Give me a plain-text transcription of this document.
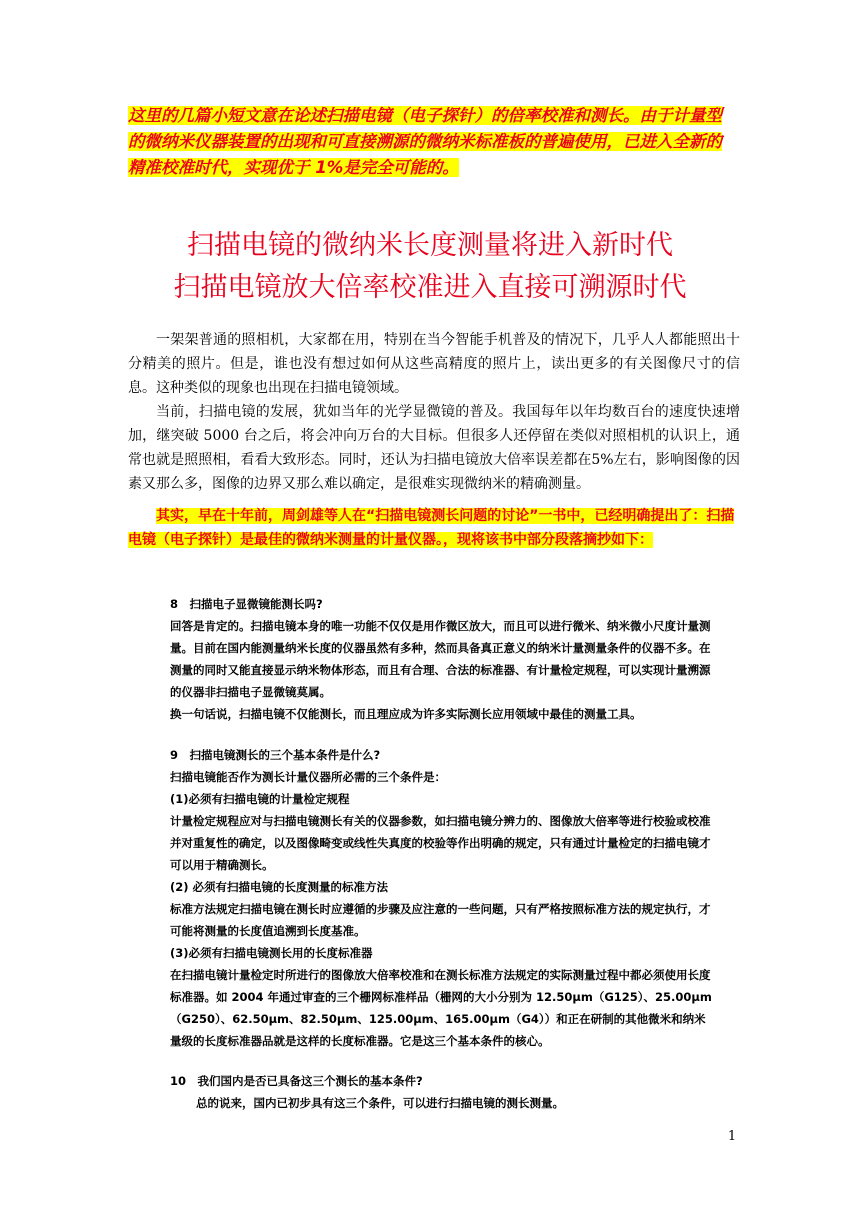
这里的几篇小短文意在论述扫描电镜（电子探针）的倍率校准和测长。由于计量型的微纳米仪器装置的出现和可直接溯源的微纳米标准板的普遍使用，已进入全新的精准校准时代，实现优于 1%是完全可能的。

扫描电镜的微纳米长度测量将进入新时代
扫描电镜放大倍率校准进入直接可溯源时代

一架架普通的照相机，大家都在用，特别在当今智能手机普及的情况下，几乎人人都能照出十分精美的照片。但是，谁也没有想过如何从这些高精度的照片上，读出更多的有关图像尺寸的信息。这种类似的现象也出现在扫描电镜领域。

当前，扫描电镜的发展，犹如当年的光学显微镜的普及。我国每年以年均数百台的速度快速增加，继突破 5000 台之后，将会冲向万台的大目标。但很多人还停留在类似对照相机的认识上，通常也就是照照相，看看大致形态。同时，还认为扫描电镜放大倍率误差都在5%左右，影响图像的因素又那么多，图像的边界又那么难以确定，是很难实现微纳米的精确测量。

其实，早在十年前，周剑雄等人在“扫描电镜测长问题的讨论”一书中，已经明确提出了：扫描电镜（电子探针）是最佳的微纳米测量的计量仪器。，现将该书中部分段落摘抄如下：

8　扫描电子显微镜能测长吗?
回答是肯定的。扫描电镜本身的唯一功能不仅仅是用作微区放大，而且可以进行微米、纳米微小尺度计量测量。目前在国内能测量纳米长度的仪器虽然有多种，然而具备真正意义的纳米计量测量条件的仪器不多。在测量的同时又能直接显示纳米物体形态，而且有合理、合法的标准器、有计量检定规程，可以实现计量溯源的仪器非扫描电子显微镜莫属。
换一句话说，扫描电镜不仅能测长，而且理应成为许多实际测长应用领域中最佳的测量工具。
9　扫描电镜测长的三个基本条件是什么?
扫描电镜能否作为测长计量仪器所必需的三个条件是：
(1)必须有扫描电镜的计量检定规程
计量检定规程应对与扫描电镜测长有关的仪器参数，如扫描电镜分辨力的、图像放大倍率等进行校验或校准并对重复性的确定，以及图像畸变或线性失真度的校验等作出明确的规定，只有通过计量检定的扫描电镜才可以用于精确测长。
(2) 必须有扫描电镜的长度测量的标准方法
标准方法规定扫描电镜在测长时应遵循的步骤及应注意的一些问题，只有严格按照标准方法的规定执行，才可能将测量的长度值追溯到长度基准。
(3)必须有扫描电镜测长用的长度标准器
在扫描电镜计量检定时所进行的图像放大倍率校准和在测长标准方法规定的实际测量过程中都必须使用长度标准器。如 2004 年通过审查的三个栅网标准样品（栅网的大小分别为 12.50μm（G125）、25.00μm（G250）、62.50μm、82.50μm、125.00μm、165.00μm（G4））和正在研制的其他微米和纳米量级的长度标准器品就是这样的长度标准器。它是这三个基本条件的核心。
10　我们国内是否已具备这三个测长的基本条件?
总的说来，国内已初步具有这三个条件，可以进行扫描电镜的测长测量。
1
